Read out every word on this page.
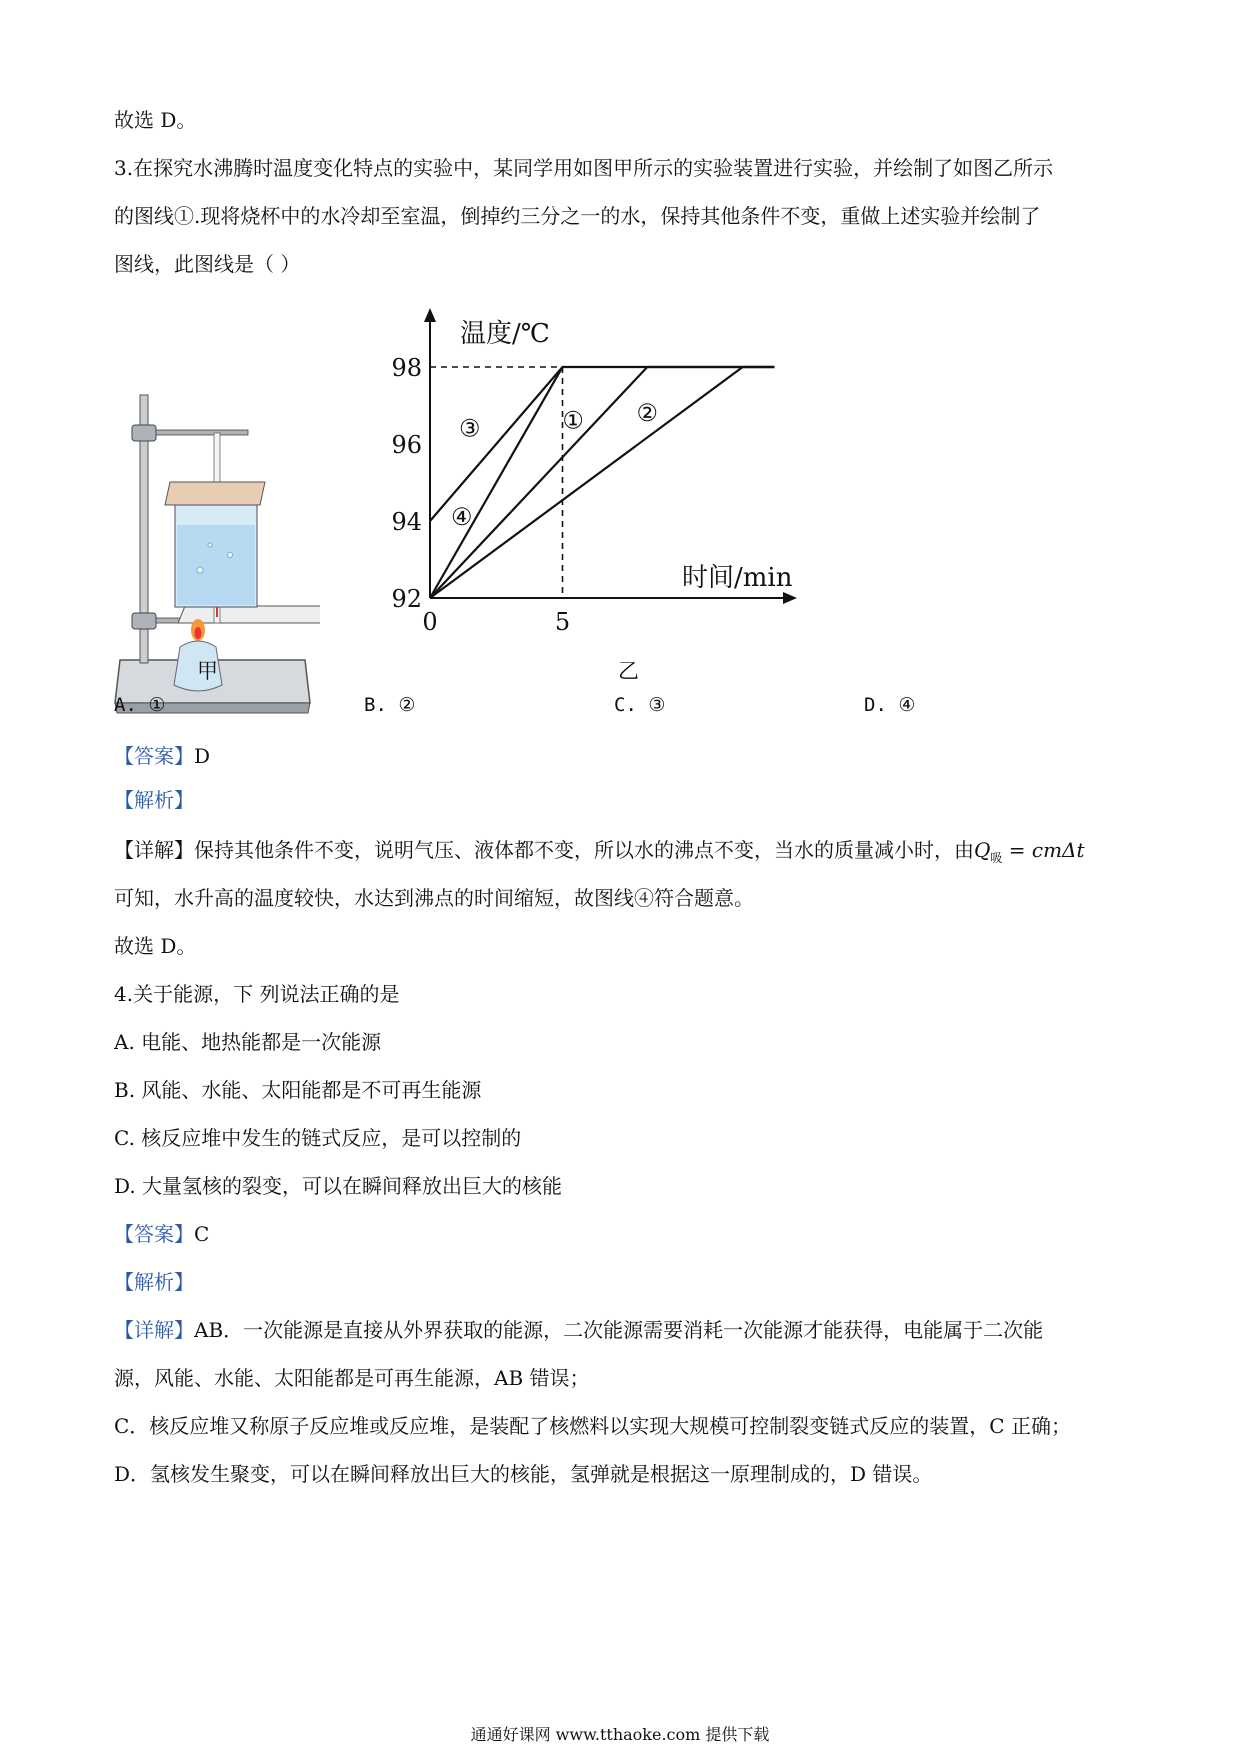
故选 D。
3.在探究水沸腾时温度变化特点的实验中，某同学用如图甲所示的实验装置进行实验，并绘制了如图乙所示
的图线①.现将烧杯中的水冷却至室温，倒掉约三分之一的水，保持其他条件不变，重做上述实验并绘制了
图线，此图线是（ ）
甲
③	① ②
④
92
94
96
98
0	5
温度/℃
时间/min
乙
A. ①	B. ②	C. ③	D. ④
【答案】D
【解析】
【详解】保持其他条件不变，说明气压、液体都不变，所以水的沸点不变，当水的质量减小时，由$Q_吸 = cm\Delta t$
可知，水升高的温度较快，水达到沸点的时间缩短，故图线④符合题意。
故选 D。
4.关于能源，下 列说法正确的是
A. 电能、地热能都是一次能源
B. 风能、水能、太阳能都是不可再生能源
C. 核反应堆中发生的链式反应，是可以控制的
D. 大量氢核的裂变，可以在瞬间释放出巨大的核能
【答案】C
【解析】
【详解】AB．一次能源是直接从外界获取的能源，二次能源需要消耗一次能源才能获得，电能属于二次能
源，风能、水能、太阳能都是可再生能源，AB 错误；
C．核反应堆又称原子反应堆或反应堆，是装配了核燃料以实现大规模可控制裂变链式反应的装置，C 正确；
D．氢核发生聚变，可以在瞬间释放出巨大的核能，氢弹就是根据这一原理制成的，D 错误。
通通好课网 www.tthaoke.com 提供下载
